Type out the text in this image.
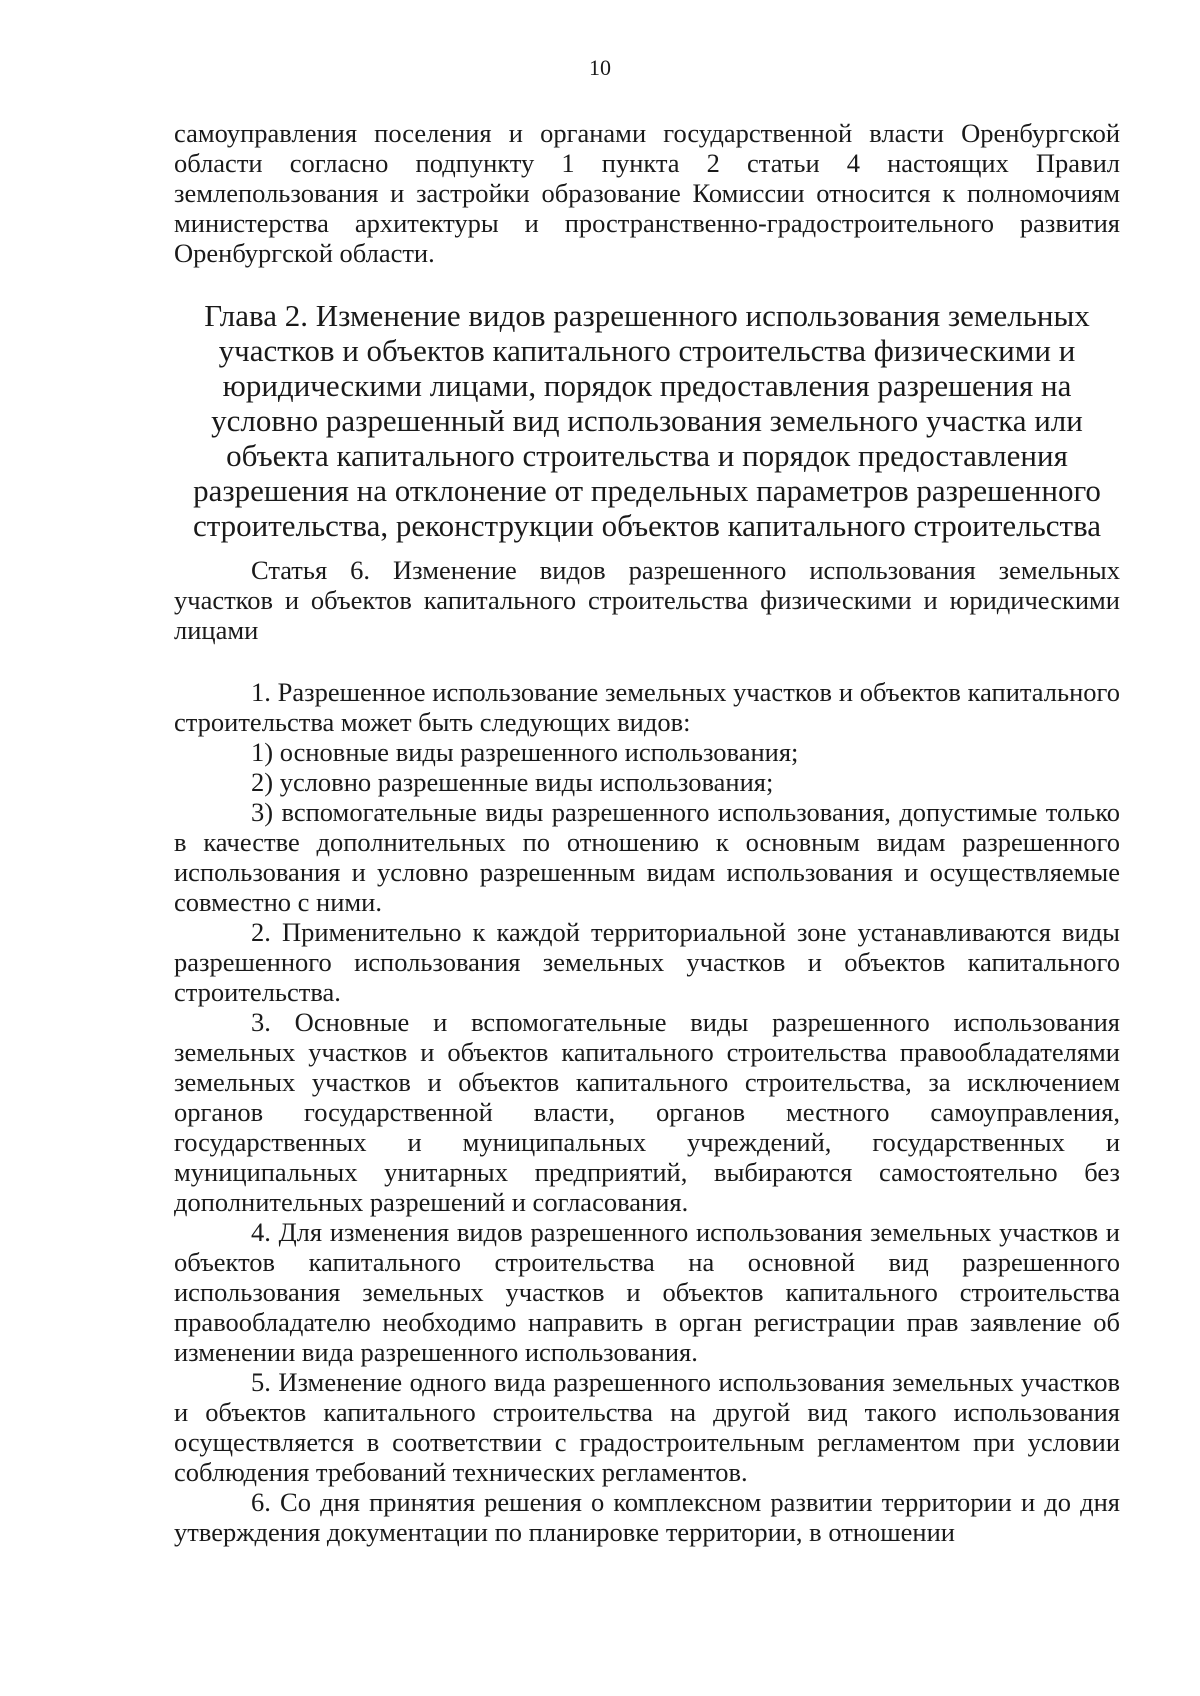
10

самоуправления поселения и органами государственной власти Оренбургской области согласно подпункту 1 пункта 2 статьи 4 настоящих Правил землепользования и застройки образование Комиссии относится к полномочиям министерства архитектуры и пространственно-градостроительного развития Оренбургской области.

Глава 2. Изменение видов разрешенного использования земельных участков и объектов капитального строительства физическими и юридическими лицами, порядок предоставления разрешения на условно разрешенный вид использования земельного участка или объекта капитального строительства и порядок предоставления разрешения на отклонение от предельных параметров разрешенного строительства, реконструкции объектов капитального строительства

Статья 6. Изменение видов разрешенного использования земельных участков и объектов капитального строительства физическими и юридическими лицами

1. Разрешенное использование земельных участков и объектов капитального строительства может быть следующих видов:

1) основные виды разрешенного использования;

2) условно разрешенные виды использования;

3) вспомогательные виды разрешенного использования, допустимые только в качестве дополнительных по отношению к основным видам разрешенного использования и условно разрешенным видам использования и осуществляемые совместно с ними.

2. Применительно к каждой территориальной зоне устанавливаются виды разрешенного использования земельных участков и объектов капитального строительства.

3. Основные и вспомогательные виды разрешенного использования земельных участков и объектов капитального строительства правообладателями земельных участков и объектов капитального строительства, за исключением органов государственной власти, органов местного самоуправления, государственных и муниципальных учреждений, государственных и муниципальных унитарных предприятий, выбираются самостоятельно без дополнительных разрешений и согласования.

4. Для изменения видов разрешенного использования земельных участков и объектов капитального строительства на основной вид разрешенного использования земельных участков и объектов капитального строительства правообладателю необходимо направить в орган регистрации прав заявление об изменении вида разрешенного использования.

5. Изменение одного вида разрешенного использования земельных участков и объектов капитального строительства на другой вид такого использования осуществляется в соответствии с градостроительным регламентом при условии соблюдения требований технических регламентов.

6. Со дня принятия решения о комплексном развитии территории и до дня утверждения документации по планировке территории, в отношении
